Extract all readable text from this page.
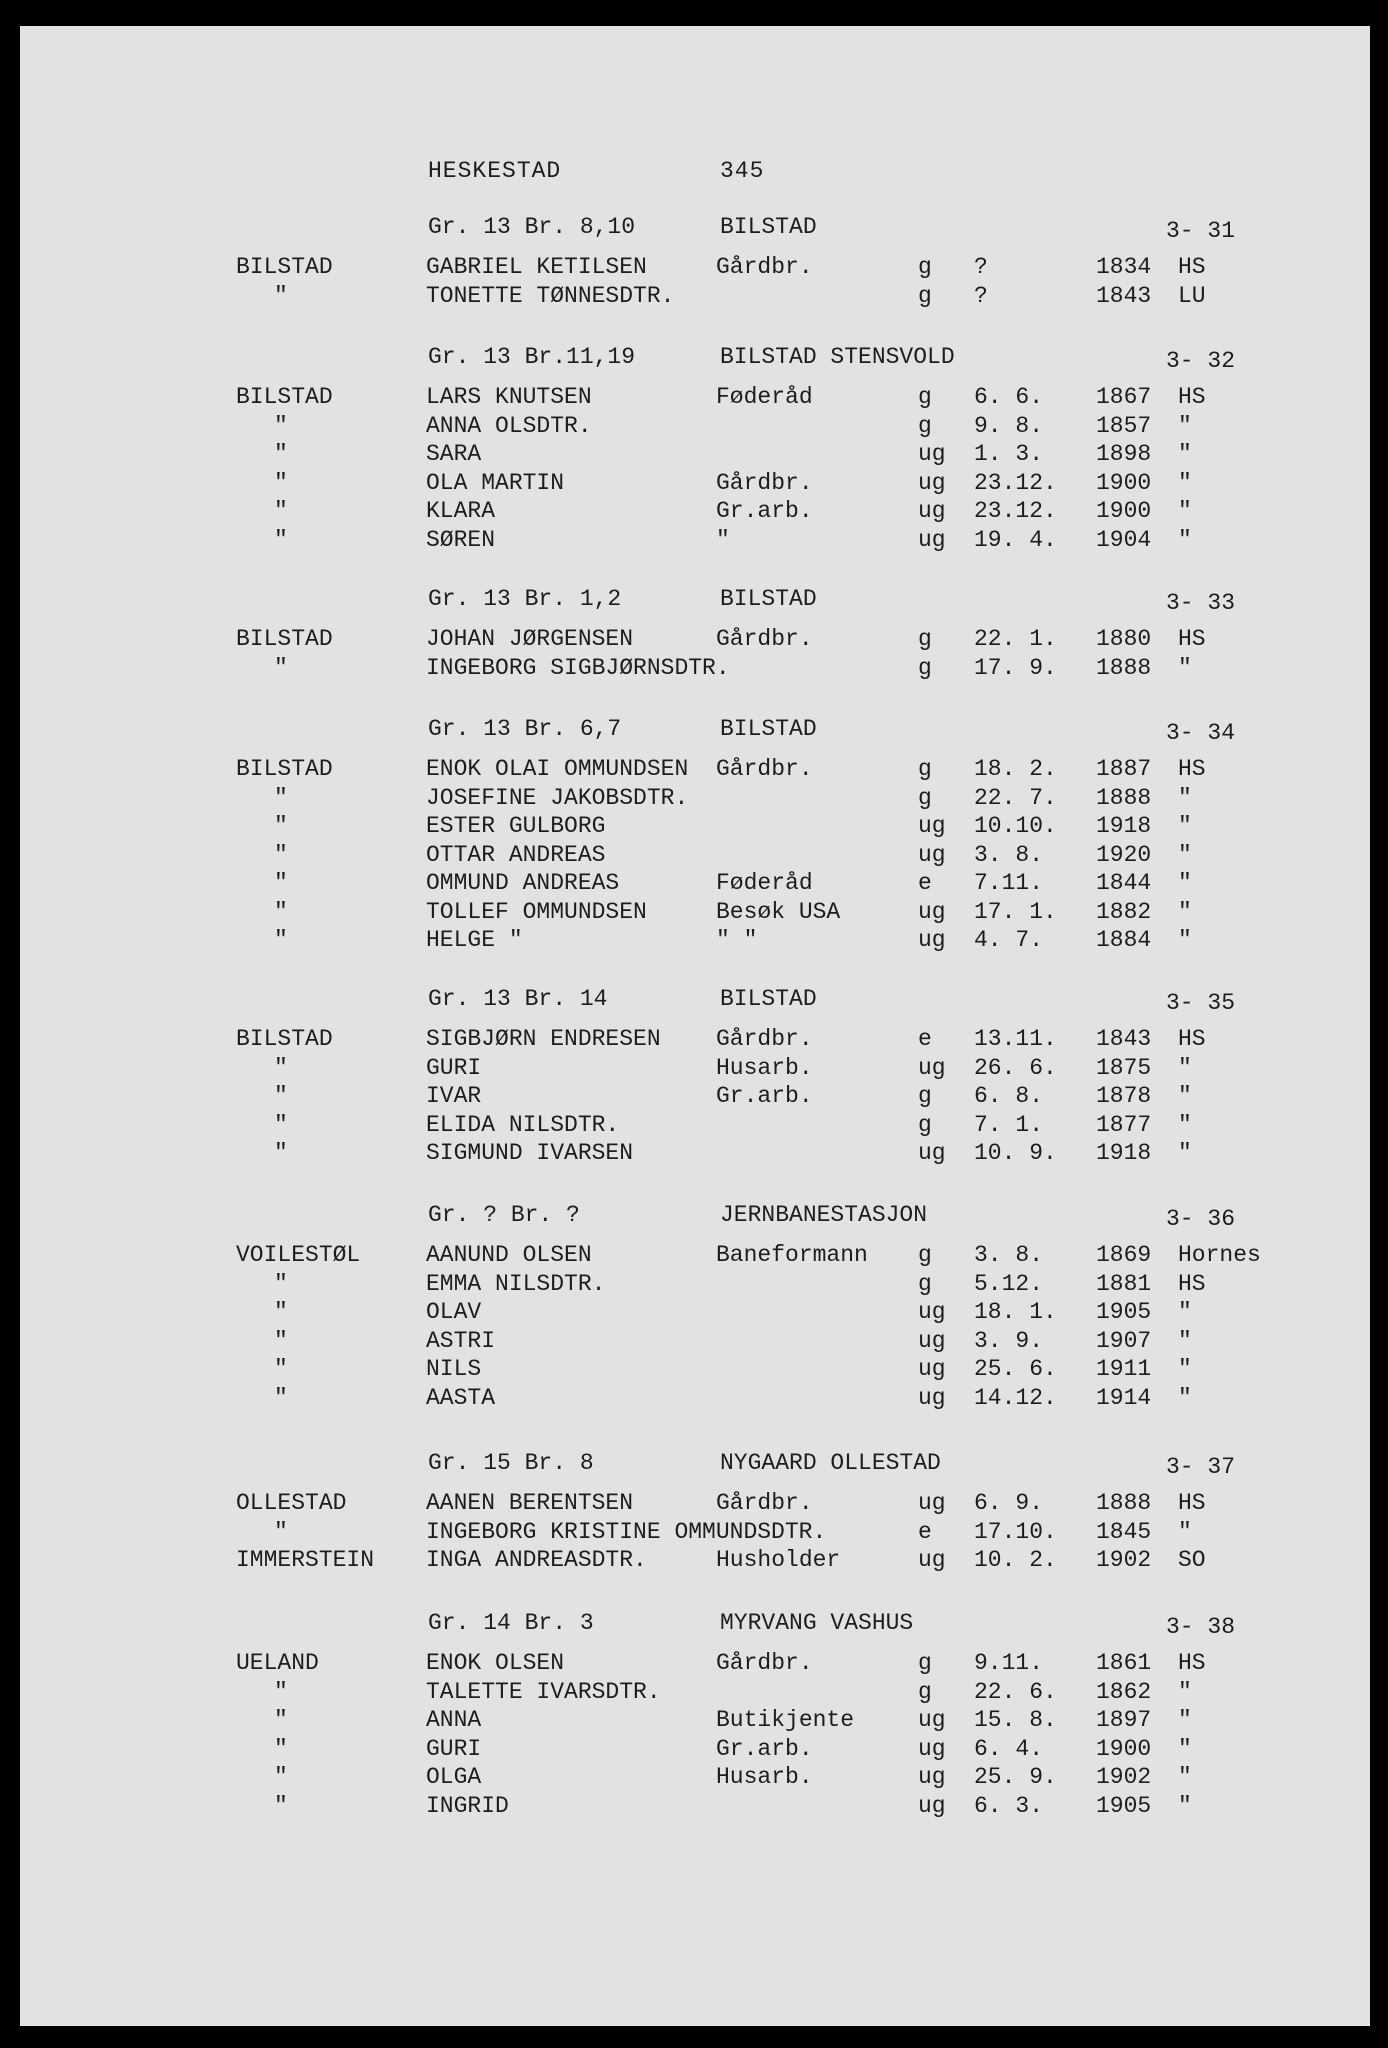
HESKESTAD	345
Gr. 13 Br. 8,10	BILSTAD	3- 31
BILSTAD	GABRIEL KETILSEN	Gårdbr.	g ?	1834 HS
"	TONETTE TØNNESDTR.	g ?	1843 LU
Gr. 13 Br.11,19	BILSTAD STENSVOLD	3- 32
BILSTAD	LARS KNUTSEN	Føderåd	g 6. 6. 1867 HS
"	ANNA OLSDTR.	g 9. 8. 1857 "
"	SARA	ug 1. 3. 1898 "
"	OLA MARTIN	Gårdbr.	ug 23.12. 1900 "
"	KLARA	Gr.arb.	ug 23.12. 1900 "
"	SØREN	"	ug 19. 4. 1904 "
Gr. 13 Br. 1,2	BILSTAD	3- 33
BILSTAD	JOHAN JØRGENSEN	Gårdbr.	g 22. 1. 1880 HS
"	INGEBORG SIGBJØRNSDTR.	g 17. 9. 1888 "
Gr. 13 Br. 6,7	BILSTAD	3- 34
BILSTAD	ENOK OLAI OMMUNDSEN Gårdbr.	g 18. 2. 1887 HS
"	JOSEFINE JAKOBSDTR.	g 22. 7. 1888 "
"	ESTER GULBORG	ug 10.10. 1918 "
"	OTTAR ANDREAS	ug 3. 8. 1920 "
"	OMMUND ANDREAS	Føderåd	e 7.11. 1844 "
"	TOLLEF OMMUNDSEN	Besøk USA	ug 17. 1. 1882 "
"	HELGE "	" "	ug 4. 7. 1884 "
Gr. 13 Br. 14	BILSTAD	3- 35
BILSTAD	SIGBJØRN ENDRESEN Gårdbr.	e 13.11. 1843 HS
"	GURI	Husarb.	ug 26. 6. 1875 "
"	IVAR	Gr.arb.	g 6. 8. 1878 "
"	ELIDA NILSDTR.	g 7. 1. 1877 "
"	SIGMUND IVARSEN	ug 10. 9. 1918 "
Gr. ? Br. ?	JERNBANESTASJON	3- 36
VOILESTØL	AANUND OLSEN	Baneformann g 3. 8. 1869 Hornes
"	EMMA NILSDTR.	g 5.12. 1881 HS
"	OLAV	ug 18. 1. 1905 "
"	ASTRI	ug 3. 9. 1907 "
"	NILS	ug 25. 6. 1911 "
"	AASTA	ug 14.12. 1914 "
Gr. 15 Br. 8	NYGAARD OLLESTAD	3- 37
OLLESTAD	AANEN BERENTSEN	Gårdbr.	ug 6. 9. 1888 HS
"	INGEBORG KRISTINE OMMUNDSDTR.	e 17.10. 1845 "
IMMERSTEIN INGA ANDREASDTR.	Husholder	ug 10. 2. 1902 SO
Gr. 14 Br. 3	MYRVANG VASHUS	3- 38
UELAND	ENOK OLSEN	Gårdbr.	g 9.11. 1861 HS
"	TALETTE IVARSDTR.	g 22. 6. 1862 "
"	ANNA	Butikjente	ug 15. 8. 1897 "
"	GURI	Gr.arb.	ug 6. 4. 1900 "
"	OLGA	Husarb.	ug 25. 9. 1902 "
"	INGRID	ug 6. 3. 1905 "
